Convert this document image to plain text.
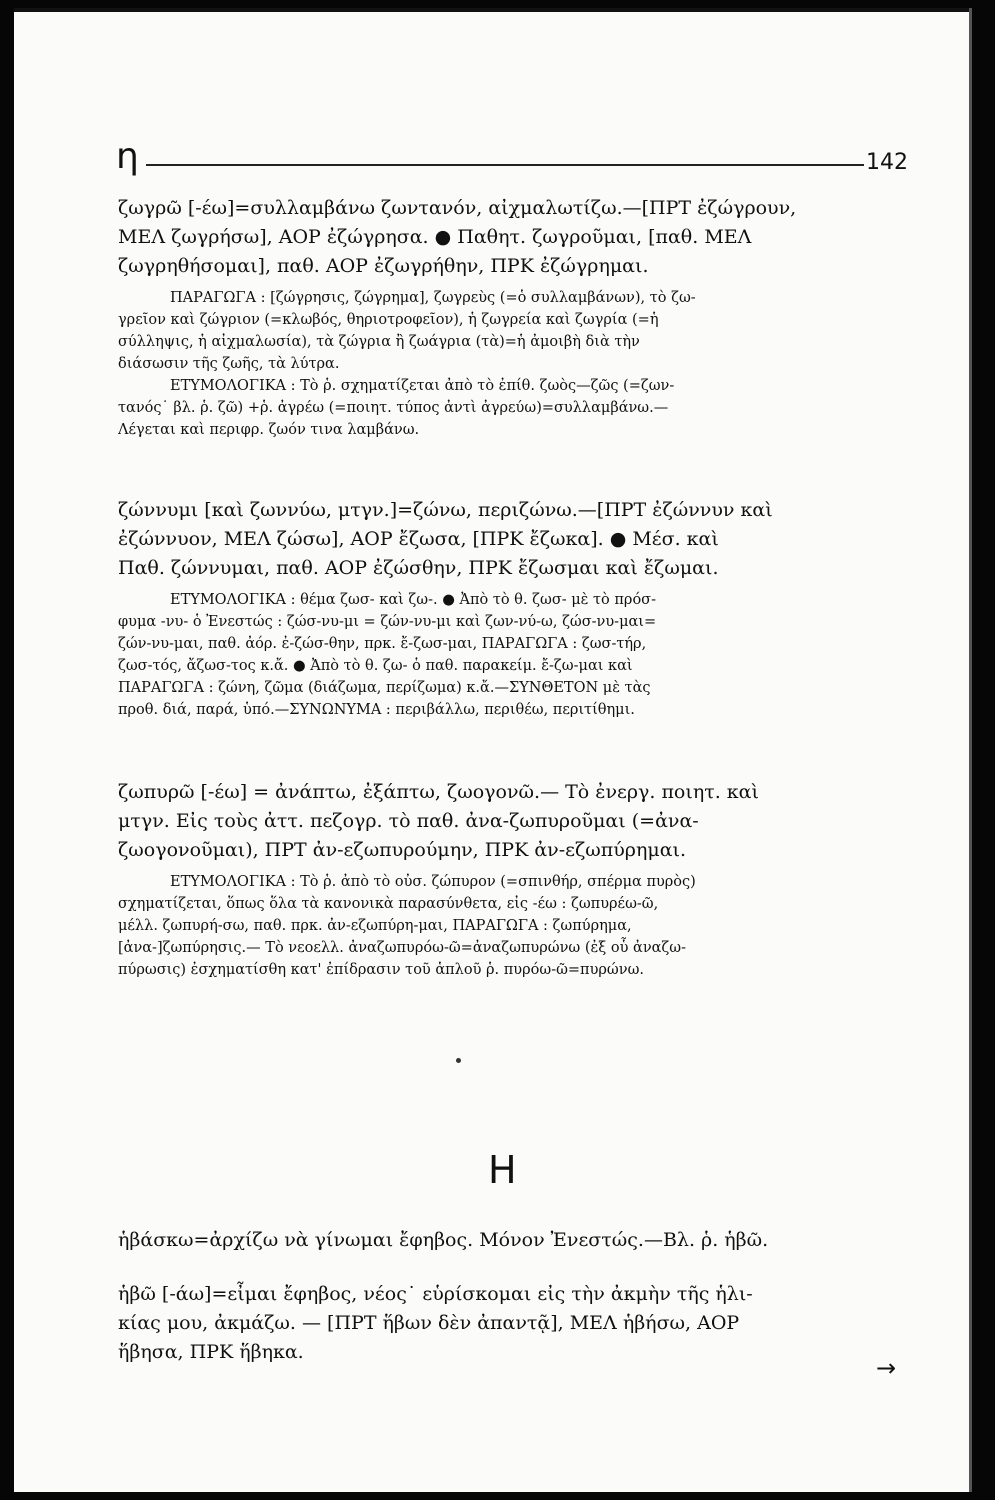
η	142
ζωγρῶ [-έω]=συλλαμβάνω ζωντανόν, αἰχμαλωτίζω.—[ΠΡΤ ἐζώγρουν,
ΜΕΛ ζωγρήσω], ΑΟΡ ἐζώγρησα. ● Παθητ. ζωγροῦμαι, [παθ. ΜΕΛ
ζωγρηθήσομαι], παθ. ΑΟΡ ἐζωγρήθην, ΠΡΚ ἐζώγρημαι.
ΠΑΡΑΓΩΓΑ : [ζώγρησις, ζώγρημα], ζωγρεὺς (=ὁ συλλαμβάνων), τὸ ζω-
γρεῖον καὶ ζώγριον (=κλωβός, θηριοτροφεῖον), ἡ ζωγρεία καὶ ζωγρία (=ἡ
σύλληψις, ἡ αἰχμαλωσία), τὰ ζώγρια ἢ ζωάγρια (τὰ)=ἡ ἀμοιβὴ διὰ τὴν
διάσωσιν τῆς ζωῆς, τὰ λύτρα.
ΕΤΥΜΟΛΟΓΙΚΑ : Τὸ ῥ. σχηματίζεται ἀπὸ τὸ ἐπίθ. ζωὸς—ζῶς (=ζων-
τανός˙ βλ. ῥ. ζῶ) +ῥ. ἀγρέω (=ποιητ. τύπος ἀντὶ ἀγρεύω)=συλλαμβάνω.—
Λέγεται καὶ περιφρ. ζωόν τινα λαμβάνω.
ζώννυμι [καὶ ζωννύω, μτγν.]=ζώνω, περιζώνω.—[ΠΡΤ ἐζώννυν καὶ
ἐζώννυον, ΜΕΛ ζώσω], ΑΟΡ ἔζωσα, [ΠΡΚ ἔζωκα]. ● Μέσ. καὶ
Παθ. ζώννυμαι, παθ. ΑΟΡ ἐζώσθην, ΠΡΚ ἔζωσμαι καὶ ἔζωμαι.
ΕΤΥΜΟΛΟΓΙΚΑ : θέμα ζωσ- καὶ ζω-. ● Ἀπὸ τὸ θ. ζωσ- μὲ τὸ πρόσ-
φυμα -νυ- ὁ Ἐνεστώς : ζώσ-νυ-μι = ζών-νυ-μι καὶ ζων-νύ-ω, ζώσ-νυ-μαι=
ζών-νυ-μαι, παθ. ἀόρ. ἐ-ζώσ-θην, πρκ. ἔ-ζωσ-μαι, ΠΑΡΑΓΩΓΑ : ζωσ-τήρ,
ζωσ-τός, ἄζωσ-τος κ.ἄ. ● Ἀπὸ τὸ θ. ζω- ὁ παθ. παρακείμ. ἔ-ζω-μαι καὶ
ΠΑΡΑΓΩΓΑ : ζώνη, ζῶμα (διάζωμα, περίζωμα) κ.ἄ.—ΣΥΝΘΕΤΟΝ μὲ τὰς
προθ. διά, παρά, ὑπό.—ΣΥΝΩΝΥΜΑ : περιβάλλω, περιθέω, περιτίθημι.
ζωπυρῶ [-έω] = ἀνάπτω, ἐξάπτω, ζωογονῶ.— Τὸ ἐνεργ. ποιητ. καὶ
μτγν. Εἰς τοὺς ἀττ. πεζογρ. τὸ παθ. ἀνα-ζωπυροῦμαι (=ἀνα-
ζωογονοῦμαι), ΠΡΤ ἀν-εζωπυρούμην, ΠΡΚ ἀν-εζωπύρημαι.
ΕΤΥΜΟΛΟΓΙΚΑ : Τὸ ῥ. ἀπὸ τὸ οὐσ. ζώπυρον (=σπινθήρ, σπέρμα πυρὸς)
σχηματίζεται, ὅπως ὅλα τὰ κανονικὰ παρασύνθετα, εἰς -έω : ζωπυρέω-ῶ,
μέλλ. ζωπυρή-σω, παθ. πρκ. ἀν-εζωπύρη-μαι, ΠΑΡΑΓΩΓΑ : ζωπύρημα,
[ἀνα-]ζωπύρησις.— Τὸ νεοελλ. ἀναζωπυρόω-ῶ=ἀναζωπυρώνω (ἐξ οὗ ἀναζω-
πύρωσις) ἐσχηματίσθη κατ' ἐπίδρασιν τοῦ ἁπλοῦ ῥ. πυρόω-ῶ=πυρώνω.
Η
ἡβάσκω=ἀρχίζω νὰ γίνωμαι ἔφηβος. Μόνον Ἐνεστώς.—Βλ. ῥ. ἡβῶ.
ἡβῶ [-άω]=εἶμαι ἔφηβος, νέος˙ εὑρίσκομαι εἰς τὴν ἀκμὴν τῆς ἡλι-
κίας μου, ἀκμάζω. — [ΠΡΤ ἥβων δὲν ἀπαντᾷ], ΜΕΛ ἡβήσω, ΑΟΡ
ἥβησα, ΠΡΚ ἥβηκα.
→
